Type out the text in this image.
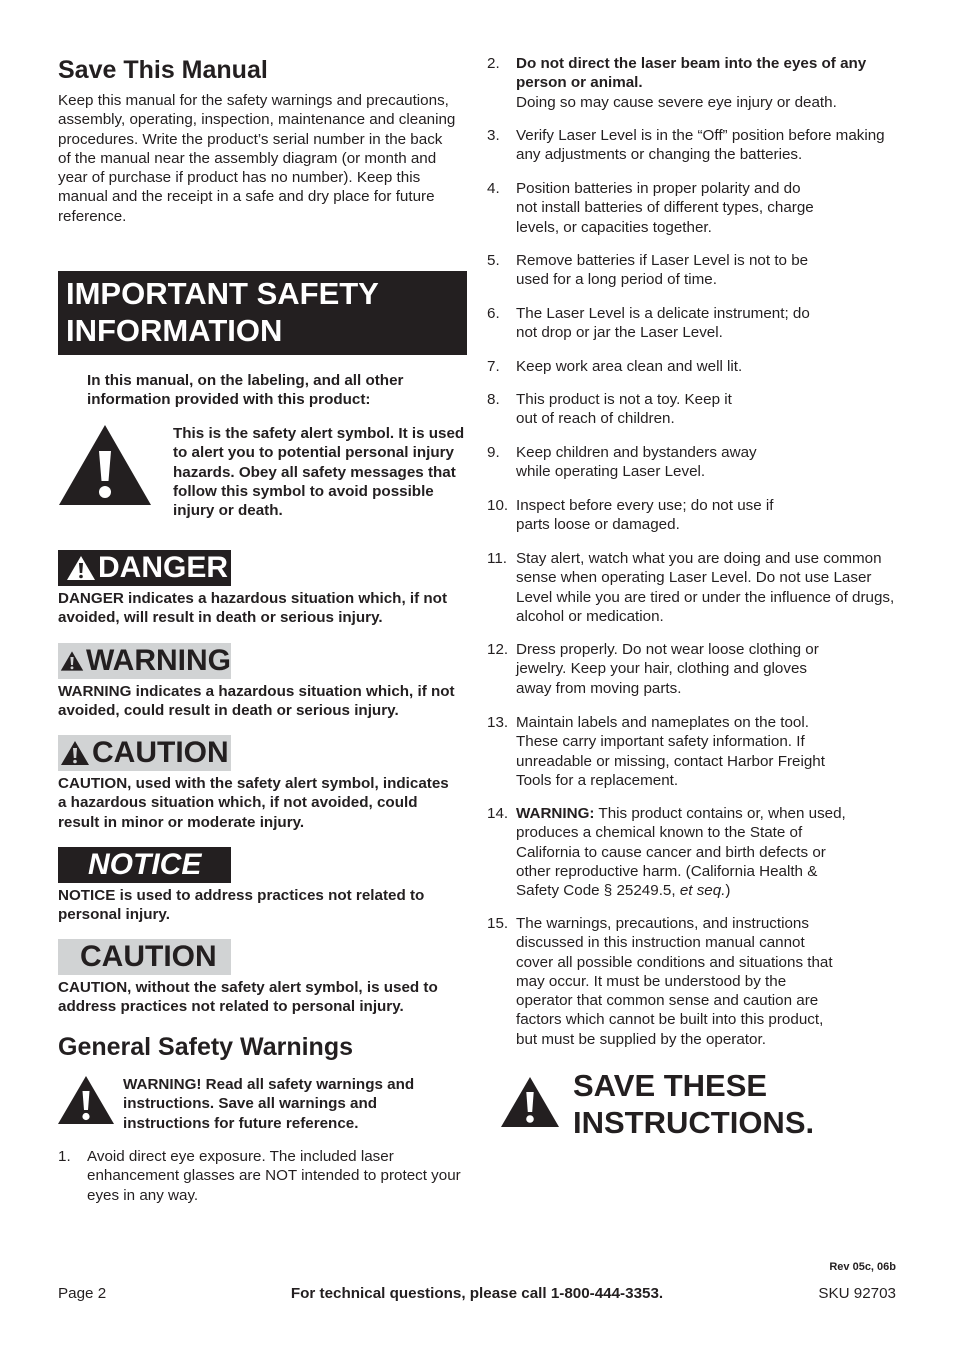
Save This Manual
Keep this manual for the safety warnings and precautions, assembly, operating, inspection, maintenance and cleaning procedures. Write the product’s serial number in the back of the manual near the assembly diagram (or month and year of purchase if product has no number). Keep this manual and the receipt in a safe and dry place for future reference.
IMPORTANT SAFETY
INFORMATION
In this manual, on the labeling, and all other information provided with this product:
This is the safety alert symbol. It is used to alert you to potential personal injury hazards. Obey all safety messages that follow this symbol to avoid possible injury or death.
DANGER
DANGER indicates a hazardous situation which, if not avoided, will result in death or serious injury.
WARNING
WARNING indicates a hazardous situation which, if not avoided, could result in death or serious injury.
CAUTION
CAUTION, used with the safety alert symbol, indicates a hazardous situation which, if not avoided, could result in minor or moderate injury.
NOTICE
NOTICE is used to address practices not related to personal injury.
CAUTION
CAUTION, without the safety alert symbol, is used to address practices not related to personal injury.
General Safety Warnings
WARNING! Read all safety warnings and instructions. Save all warnings and instructions for future reference.
1.	Avoid direct eye exposure. The included laser enhancement glasses are NOT intended to protect your eyes in any way.
2.	Do not direct the laser beam into the eyes of any person or animal.
Doing so may cause severe eye injury or death.
3.	Verify Laser Level is in the “Off” position before making any adjustments or changing the batteries.
4.	Position batteries in proper polarity and do not install batteries of different types, charge levels, or capacities together.
5.	Remove batteries if Laser Level is not to be used for a long period of time.
6.	The Laser Level is a delicate instrument; do not drop or jar the Laser Level.
7.	Keep work area clean and well lit.
8.	This product is not a toy. Keep it out of reach of children.
9.	Keep children and bystanders away while operating Laser Level.
10. Inspect before every use; do not use if parts loose or damaged.
11. Stay alert, watch what you are doing and use common sense when operating Laser Level. Do not use Laser Level while you are tired or under the influence of drugs, alcohol or medication.
12. Dress properly. Do not wear loose clothing or jewelry. Keep your hair, clothing and gloves away from moving parts.
13. Maintain labels and nameplates on the tool. These carry important safety information. If unreadable or missing, contact Harbor Freight Tools for a replacement.
14. WARNING: This product contains or, when used, produces a chemical known to the State of California to cause cancer and birth defects or other reproductive harm. (California Health & Safety Code § 25249.5, et seq.)
15. The warnings, precautions, and instructions discussed in this instruction manual cannot cover all possible conditions and situations that may occur. It must be understood by the operator that common sense and caution are factors which cannot be built into this product, but must be supplied by the operator.
SAVE THESE
INSTRUCTIONS.
Rev 05c, 06b
For technical questions, please call 1-800-444-3353.
Page 2	SKU 92703
